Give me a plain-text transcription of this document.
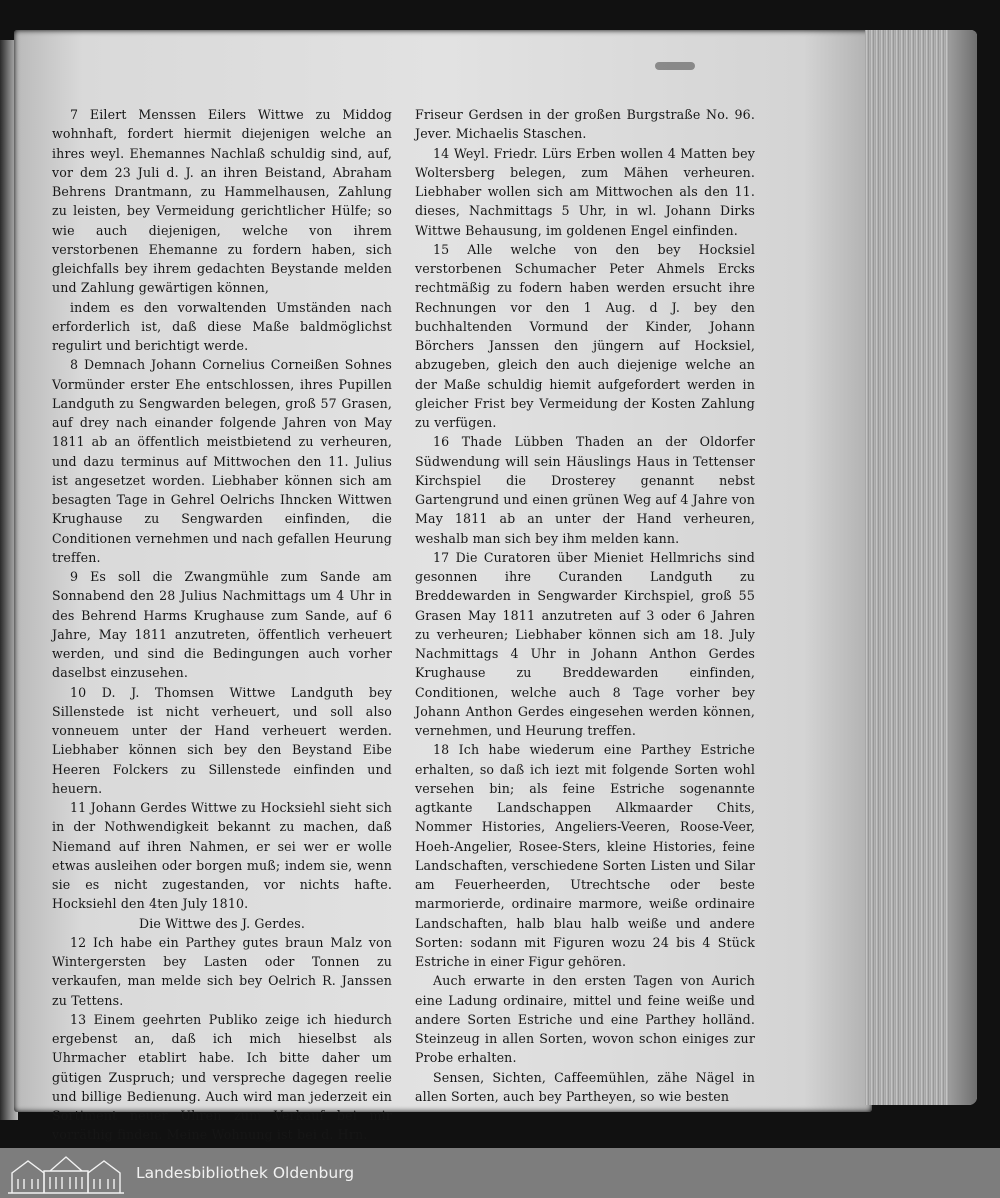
7 Eilert Menssen Eilers Wittwe zu Middog wohnhaft, fordert hiermit diejenigen welche an ihres weyl. Ehemannes Nachlaß schuldig sind, auf, vor dem 23 Juli d. J. an ihren Beistand, Abraham Behrens Drantmann, zu Hammelhausen, Zahlung zu leisten, bey Vermeidung gerichtlicher Hülfe; so wie auch diejenigen, welche von ihrem verstorbenen Ehemanne zu fordern haben, sich gleichfalls bey ihrem gedachten Beystande melden und Zahlung gewärtigen können,

indem es den vorwaltenden Umständen nach erforderlich ist, daß diese Maße baldmöglichst regulirt und berichtigt werde.

8 Demnach Johann Cornelius Corneißen Sohnes Vormünder erster Ehe entschlossen, ihres Pupillen Landguth zu Sengwarden belegen, groß 57 Grasen, auf drey nach einander folgende Jahren von May 1811 ab an öffentlich meistbietend zu verheuren, und dazu terminus auf Mittwochen den 11. Julius ist angesetzet worden. Liebhaber können sich am besagten Tage in Gehrel Oelrichs Ihncken Wittwen Krughause zu Sengwarden einfinden, die Conditionen vernehmen und nach gefallen Heurung treffen.

9 Es soll die Zwangmühle zum Sande am Sonnabend den 28 Julius Nachmittags um 4 Uhr in des Behrend Harms Krughause zum Sande, auf 6 Jahre, May 1811 anzutreten, öffentlich verheuert werden, und sind die Bedingungen auch vorher daselbst einzusehen.

10 D. J. Thomsen Wittwe Landguth bey Sillenstede ist nicht verheuert, und soll also vonneuem unter der Hand verheuert werden. Liebhaber können sich bey den Beystand Eibe Heeren Folckers zu Sillenstede einfinden und heuern.

11 Johann Gerdes Wittwe zu Hocksiehl sieht sich in der Nothwendigkeit bekannt zu machen, daß Niemand auf ihren Nahmen, er sei wer er wolle etwas ausleihen oder borgen muß; indem sie, wenn sie es nicht zugestanden, vor nichts hafte. Hocksiehl den 4ten July 1810.

Die Wittwe des J. Gerdes.

12 Ich habe ein Parthey gutes braun Malz von Wintergersten bey Lasten oder Tonnen zu verkaufen, man melde sich bey Oelrich R. Janssen zu Tettens.

13 Einem geehrten Publiko zeige ich hiedurch ergebenst an, daß ich mich hieselbst als Uhrmacher etablirt habe. Ich bitte daher um gütigen Zuspruch; und verspreche dagegen reelie und billige Bedienung. Auch wird man jederzeit ein Sortiment neuer Uhren zum Verkauf bei mir vorräthig finden. Meine Wohnung ist bei d. Hrn.

Friseur Gerdsen in der großen Burgstraße No. 96. Jever. Michaelis Staschen.

14 Weyl. Friedr. Lürs Erben wollen 4 Matten bey Woltersberg belegen, zum Mähen verheuren. Liebhaber wollen sich am Mittwochen als den 11. dieses, Nachmittags 5 Uhr, in wl. Johann Dirks Wittwe Behausung, im goldenen Engel einfinden.

15 Alle welche von den bey Hocksiel verstorbenen Schumacher Peter Ahmels Ercks rechtmäßig zu fodern haben werden ersucht ihre Rechnungen vor den 1 Aug. d J. bey den buchhaltenden Vormund der Kinder, Johann Börchers Janssen den jüngern auf Hocksiel, abzugeben, gleich den auch diejenige welche an der Maße schuldig hiemit aufgefordert werden in gleicher Frist bey Vermeidung der Kosten Zahlung zu verfügen.

16 Thade Lübben Thaden an der Oldorfer Südwendung will sein Häuslings Haus in Tettenser Kirchspiel die Drosterey genannt nebst Gartengrund und einen grünen Weg auf 4 Jahre von May 1811 ab an unter der Hand verheuren, weshalb man sich bey ihm melden kann.

17 Die Curatoren über Mieniet Hellmrichs sind gesonnen ihre Curanden Landguth zu Breddewarden in Sengwarder Kirchspiel, groß 55 Grasen May 1811 anzutreten auf 3 oder 6 Jahren zu verheuren; Liebhaber können sich am 18. July Nachmittags 4 Uhr in Johann Anthon Gerdes Krughause zu Breddewarden einfinden, Conditionen, welche auch 8 Tage vorher bey Johann Anthon Gerdes eingesehen werden können, vernehmen, und Heurung treffen.

18 Ich habe wiederum eine Parthey Estriche erhalten, so daß ich iezt mit folgende Sorten wohl versehen bin; als feine Estriche sogenannte agtkante Landschappen Alkmaarder Chits, Nommer Histories, Angeliers-Veeren, Roose-Veer, Hoeh-Angelier, Rosee-Sters, kleine Histories, feine Landschaften, verschiedene Sorten Listen und Silar am Feuerheerden, Utrechtsche oder beste marmorierde, ordinaire marmore, weiße ordinaire Landschaften, halb blau halb weiße und andere Sorten: sodann mit Figuren wozu 24 bis 4 Stück Estriche in einer Figur gehören.

Auch erwarte in den ersten Tagen von Aurich eine Ladung ordinaire, mittel und feine weiße und andere Sorten Estriche und eine Parthey holländ. Steinzeug in allen Sorten, wovon schon einiges zur Probe erhalten.

Sensen, Sichten, Caffeemühlen, zähe Nägel in allen Sorten, auch bey Partheyen, so wie besten

Landesbibliothek Oldenburg
